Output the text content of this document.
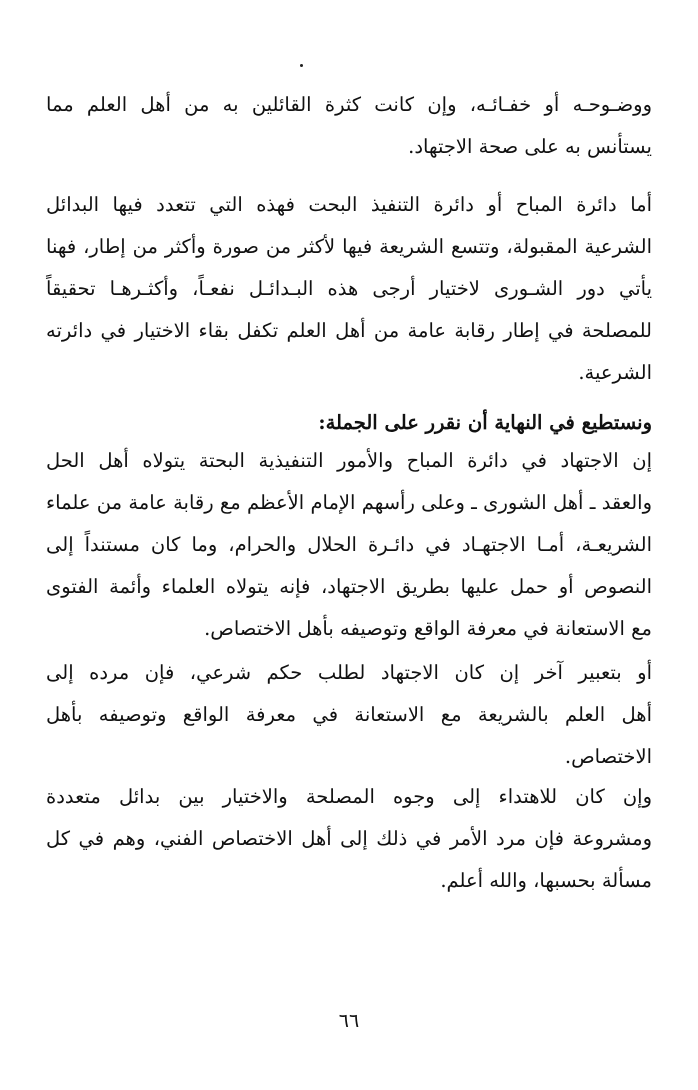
ووضـوحـه أو خفـائـه، وإن كانت كثرة القائلين به من أهل العلم مما
يستأنس به على صحة الاجتهاد.
أما دائرة المباح أو دائرة التنفيذ البحت فهذه التي تتعدد فيها البدائل
الشرعية المقبولة، وتتسع الشريعة فيها لأكثر من صورة وأكثر من إطار، فهنا
يأتي دور الشـورى لاختيار أرجى هذه البـدائـل نفعـاً، وأكثـرهـا تحقيقاً
للمصلحة في إطار رقابة عامة من أهل العلم تكفل بقاء الاختيار في دائرته
الشرعية.
ونستطيع في النهاية أن نقرر على الجملة:
إن الاجتهاد في دائرة المباح والأمور التنفيذية البحتة يتولاه أهل الحل
والعقد ـ أهل الشورى ـ وعلى رأسهم الإمام الأعظم مع رقابة عامة من علماء
الشريعـة، أمـا الاجتهـاد في دائـرة الحلال والحرام، وما كان مستنداً إلى
النصوص أو حمل عليها بطريق الاجتهاد، فإنه يتولاه العلماء وأئمة الفتوى
مع الاستعانة في معرفة الواقع وتوصيفه بأهل الاختصاص.
أو بتعبير آخر إن كان الاجتهاد لطلب حكم شرعي، فإن مرده إلى
أهل العلم بالشريعة مع الاستعانة في معرفة الواقع وتوصيفه بأهل
الاختصاص.
وإن كان للاهتداء إلى وجوه المصلحة والاختيار بين بدائل متعددة
ومشروعة فإن مرد الأمر في ذلك إلى أهل الاختصاص الفني، وهم في كل
مسألة بحسبها، والله أعلم.
٦٦
